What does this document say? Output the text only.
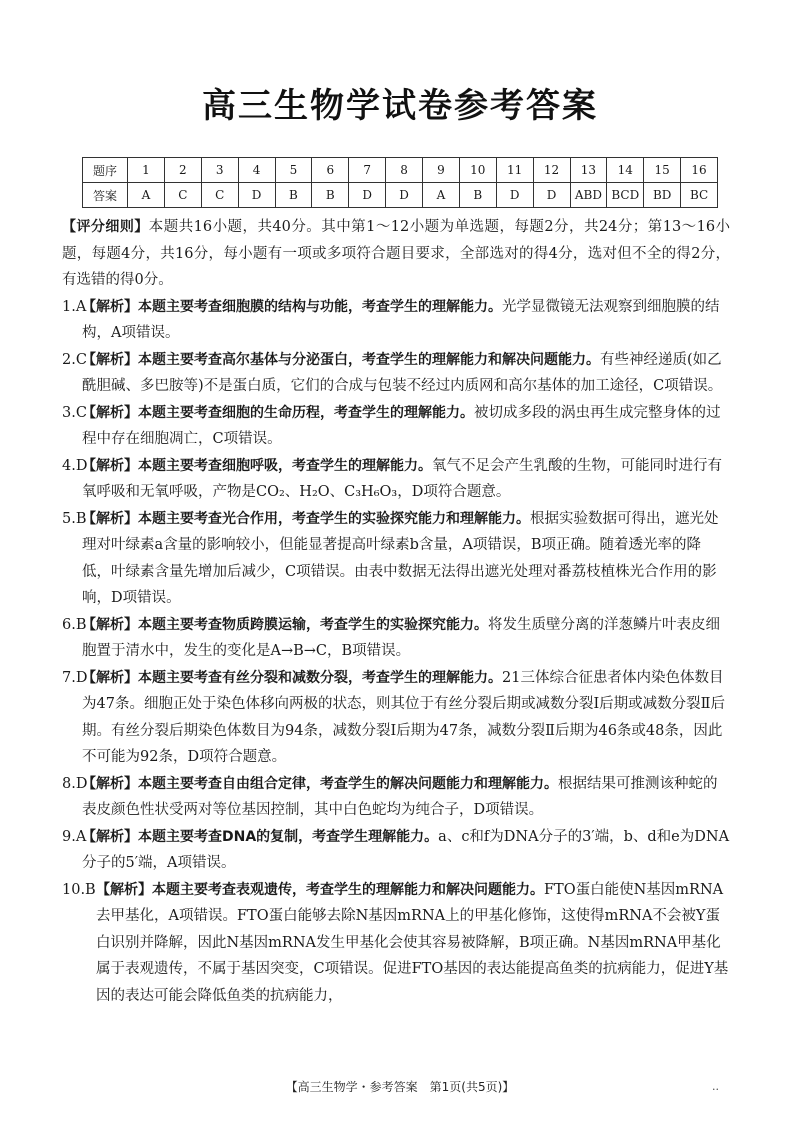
高三生物学试卷参考答案
题序	1	2	3	4	5	6	7	8	9	10	11	12	13	14	15	16
答案	A	C	C	D	B	B	D	D	A	B	D	D	ABD	BCD	BD	BC

【评分细则】本题共16小题，共40分。其中第1～12小题为单选题，每题2分，共24分；第13～16小题，每题4分，共16分，每小题有一项或多项符合题目要求，全部选对的得4分，选对但不全的得2分，有选错的得0分。

1.A
【解析】本题主要考查细胞膜的结构与功能，考查学生的理解能力。光学显微镜无法观察到细胞膜的结构，A项错误。
2.C
【解析】本题主要考查高尔基体与分泌蛋白，考查学生的理解能力和解决问题能力。有些神经递质(如乙酰胆碱、多巴胺等)不是蛋白质，它们的合成与包装不经过内质网和高尔基体的加工途径，C项错误。
3.C
【解析】本题主要考查细胞的生命历程，考查学生的理解能力。被切成多段的涡虫再生成完整身体的过程中存在细胞凋亡，C项错误。
4.D
【解析】本题主要考查细胞呼吸，考查学生的理解能力。氧气不足会产生乳酸的生物，可能同时进行有氧呼吸和无氧呼吸，产物是CO₂、H₂O、C₃H₆O₃，D项符合题意。
5.B
【解析】本题主要考查光合作用，考查学生的实验探究能力和理解能力。根据实验数据可得出，遮光处理对叶绿素a含量的影响较小，但能显著提高叶绿素b含量，A项错误，B项正确。随着透光率的降低，叶绿素含量先增加后减少，C项错误。由表中数据无法得出遮光处理对番荔枝植株光合作用的影响，D项错误。
6.B
【解析】本题主要考查物质跨膜运输，考查学生的实验探究能力。将发生质壁分离的洋葱鳞片叶表皮细胞置于清水中，发生的变化是A→B→C，B项错误。
7.D
【解析】本题主要考查有丝分裂和减数分裂，考查学生的理解能力。21三体综合征患者体内染色体数目为47条。细胞正处于染色体移向两极的状态，则其位于有丝分裂后期或减数分裂Ⅰ后期或减数分裂Ⅱ后期。有丝分裂后期染色体数目为94条，减数分裂Ⅰ后期为47条，减数分裂Ⅱ后期为46条或48条，因此不可能为92条，D项符合题意。
8.D
【解析】本题主要考查自由组合定律，考查学生的解决问题能力和理解能力。根据结果可推测该种蛇的表皮颜色性状受两对等位基因控制，其中白色蛇均为纯合子，D项错误。
9.A
【解析】本题主要考查DNA的复制，考查学生理解能力。a、c和f为DNA分子的3′端，b、d和e为DNA分子的5′端，A项错误。
10.B 【解析】本题主要考查表观遗传，考查学生的理解能力和解决问题能力。FTO蛋白能使N基因mRNA去甲基化，A项错误。FTO蛋白能够去除N基因mRNA上的甲基化修饰，这使得mRNA不会被Y蛋白识别并降解，因此N基因mRNA发生甲基化会使其容易被降解，B项正确。N基因mRNA甲基化属于表观遗传，不属于基因突变，C项错误。促进FTO基因的表达能提高鱼类的抗病能力，促进Y基因的表达可能会降低鱼类的抗病能力，
【高三生物学・参考答案　第1页(共5页)】	..
